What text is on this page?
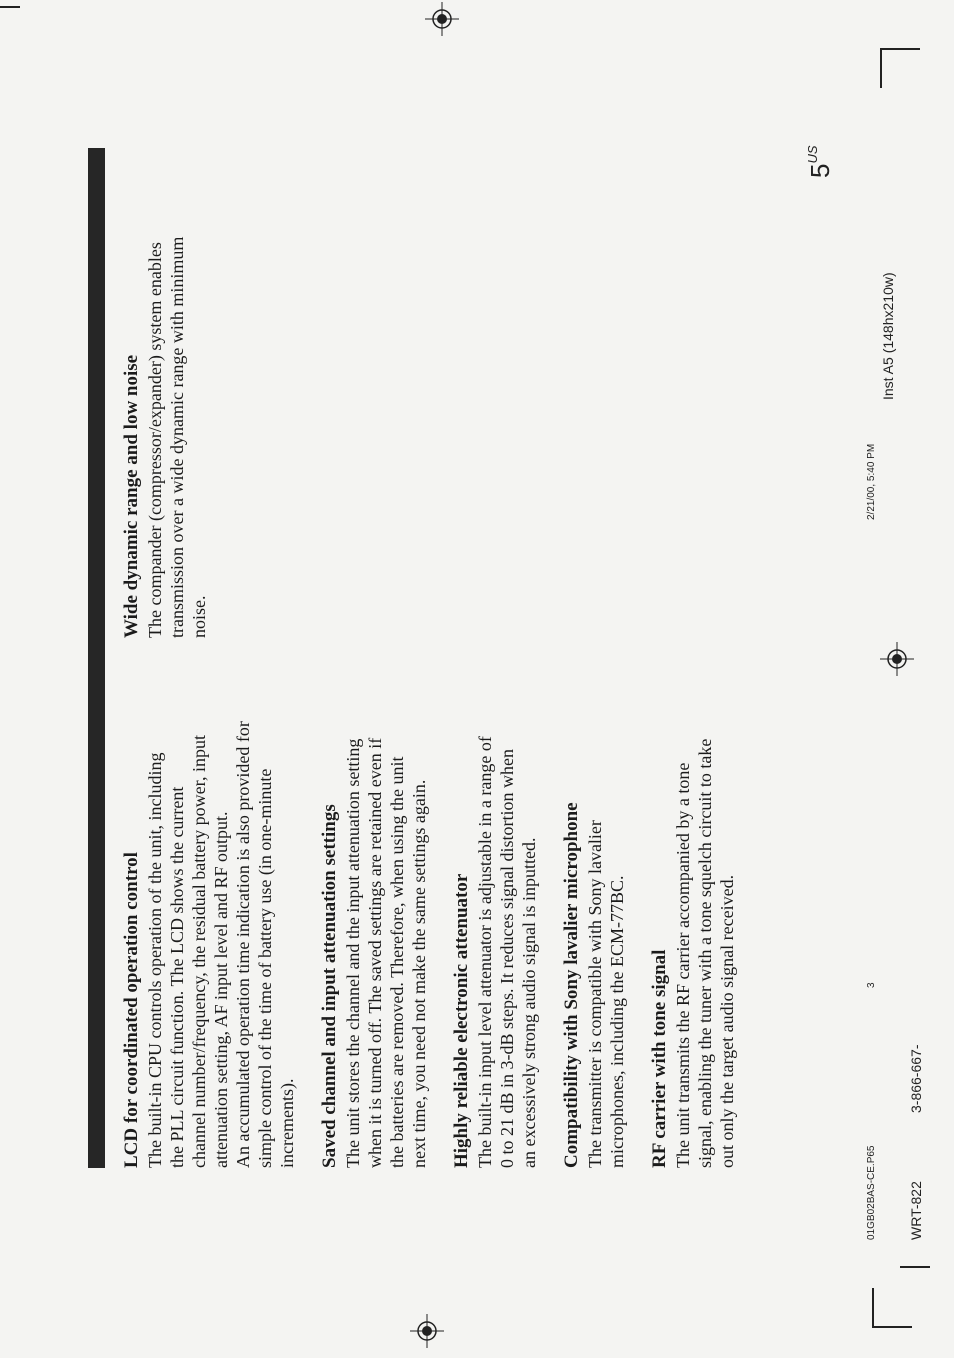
LCD for coordinated operation control The built-in CPU controls operation of the unit, including the PLL circuit function. The LCD shows the current channel number/frequency, the residual battery power, input attenuation setting, AF input level and RF output. An accumulated operation time indication is also provided for simple control of the time of battery use (in one-minute increments). Saved channel and input attenuation settings The unit stores the channel and the input attenuation setting when it is turned off. The saved settings are retained even if the batteries are removed. Therefore, when using the unit next time, you need not make the same settings again. Highly reliable electronic attenuator The built-in input level attenuator is adjustable in a range of 0 to 21 dB in 3-dB steps. It reduces signal distortion when an excessively strong audio signal is inputted. Compatibility with Sony lavalier microphone The transmitter is compatible with Sony lavalier microphones, including the ECM-77BC. RF carrier with tone signal The unit transmits the RF carrier accompanied by a tone signal, enabling the tuner with a tone squelch circuit to take out only the target audio signal received.

Wide dynamic range and low noise The compander (compressor/expander) system enables transmission over a wide dynamic range with minimum noise.

$5^{US}$
01GB02BAS-CE.P65
3
2/21/00, 5:40 PM
WRT-822
3-866-667-
Inst A5 (148hx210w)
